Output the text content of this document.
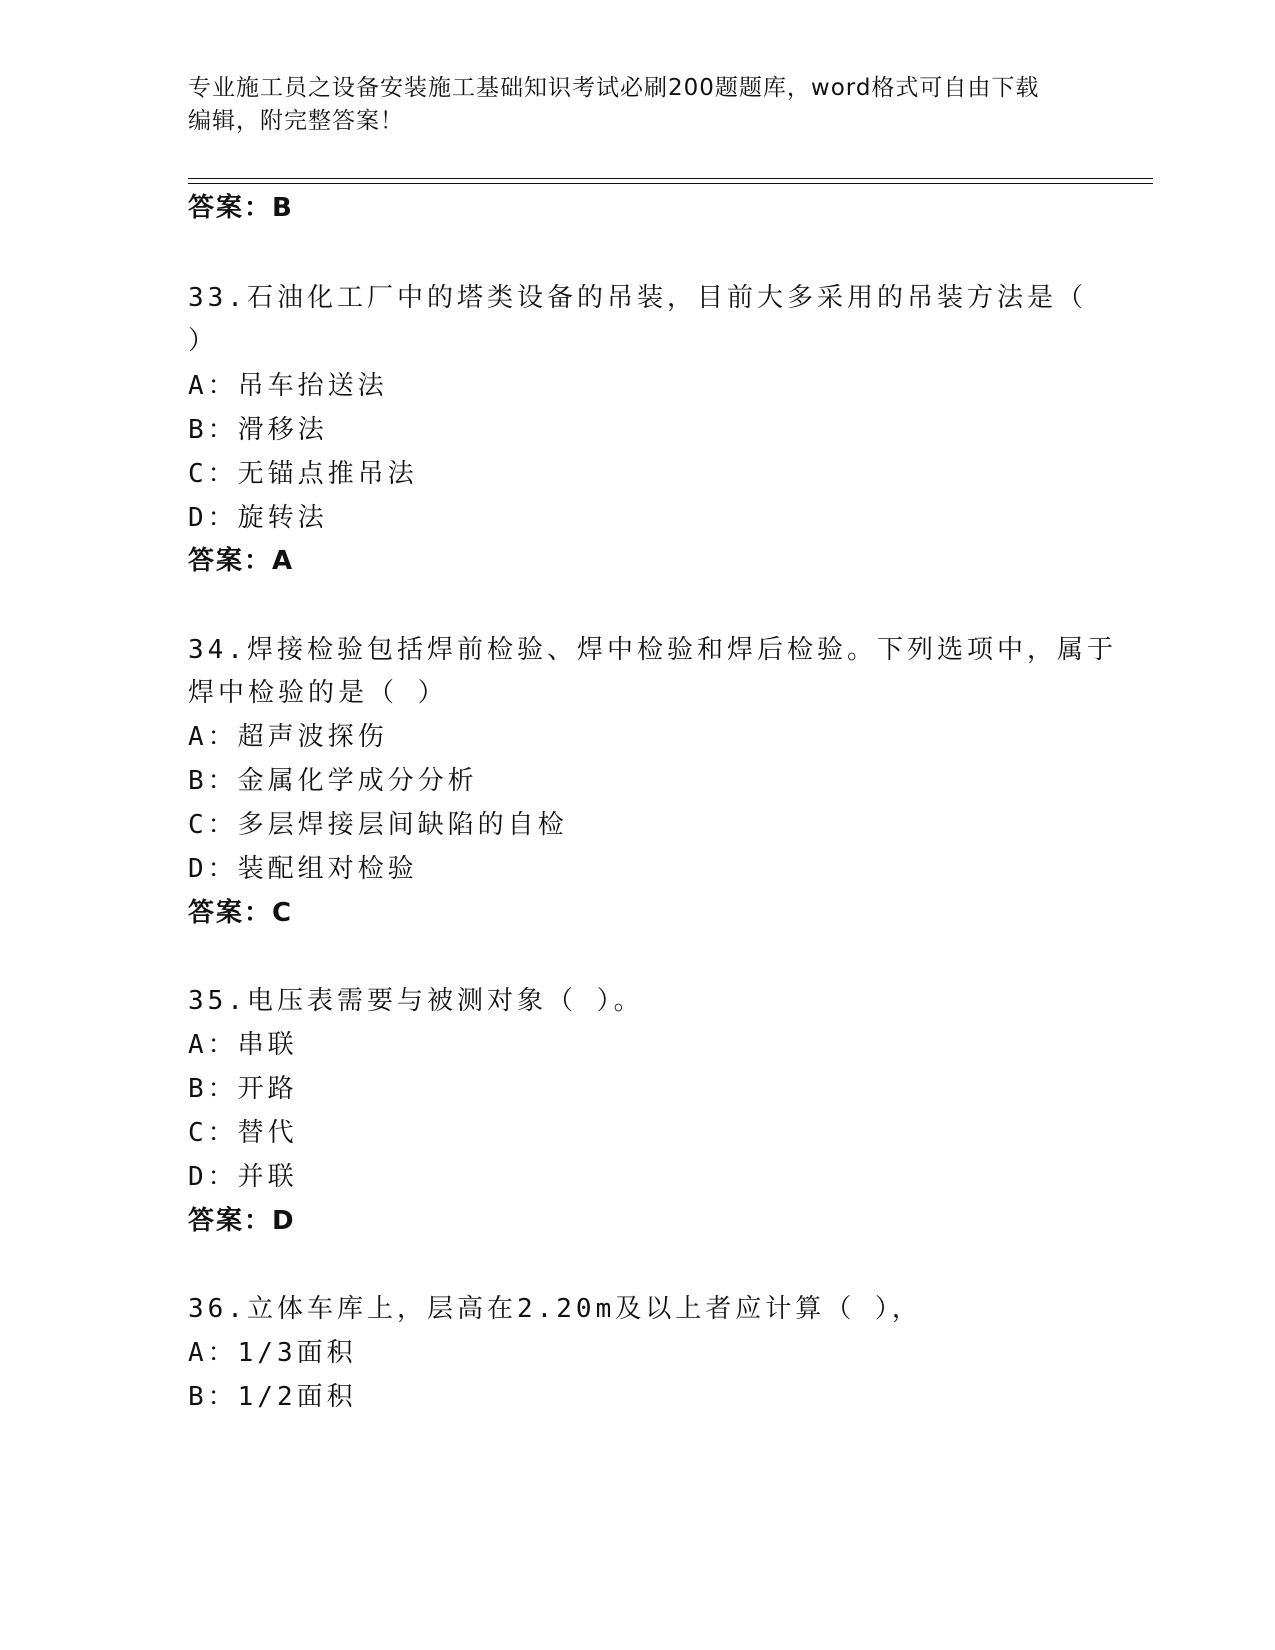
专业施工员之设备安装施工基础知识考试必刷200题题库，word格式可自由下载
编辑，附完整答案！
答案：B
33.石油化工厂中的塔类设备的吊装，目前大多采用的吊装方法是（
）
A：吊车抬送法
B：滑移法
C：无锚点推吊法
D：旋转法
答案：A
34.焊接检验包括焊前检验、焊中检验和焊后检验。下列选项中，属于
焊中检验的是（ ）
A：超声波探伤
B：金属化学成分分析
C：多层焊接层间缺陷的自检
D：装配组对检验
答案：C
35.电压表需要与被测对象（ ）。
A：串联
B：开路
C：替代
D：并联
答案：D
36.立体车库上，层高在2.20m及以上者应计算（ ），
A：1/3面积
B：1/2面积
